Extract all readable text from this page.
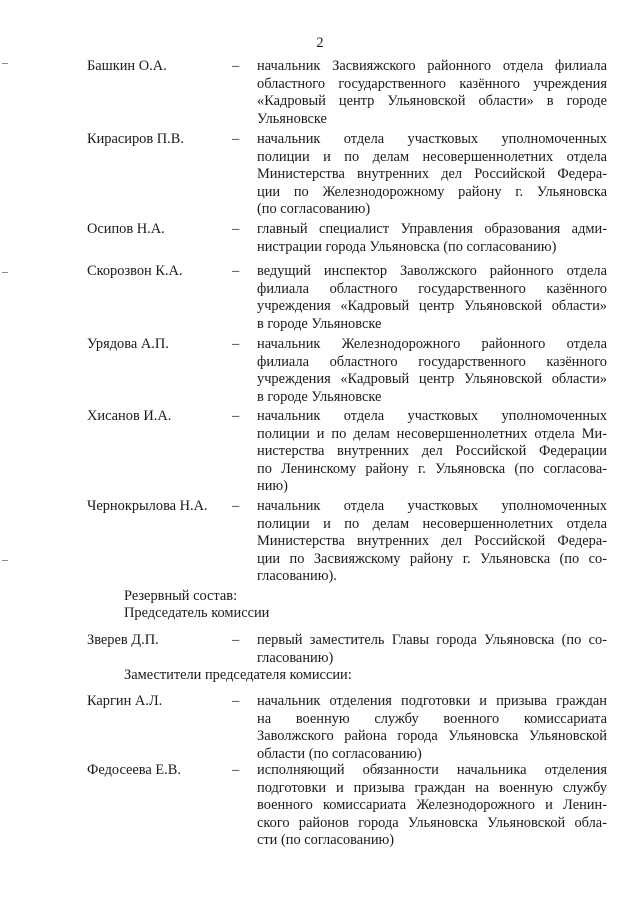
2
Башкин О.А.	– начальник Засвияжского районного отдела филиала
областного государственного казённого учреждения
«Кадровый центр Ульяновской области» в городе
Ульяновске
Кирасиров П.В.	– начальник отдела участковых уполномоченных
полиции и по делам несовершеннолетних отдела
Министерства внутренних дел Российской Федера-
ции по Железнодорожному району г. Ульяновска
(по согласованию)
Осипов Н.А.	– главный специалист Управления образования адми-
нистрации города Ульяновска (по согласованию)
Скорозвон К.А.	– ведущий инспектор Заволжского районного отдела
филиала областного государственного казённого
учреждения «Кадровый центр Ульяновской области»
в городе Ульяновске
Урядова А.П.	– начальник Железнодорожного районного отдела
филиала областного государственного казённого
учреждения «Кадровый центр Ульяновской области»
в городе Ульяновске
Хисанов И.А.	– начальник отдела участковых уполномоченных
полиции и по делам несовершеннолетних отдела Ми-
нистерства внутренних дел Российской Федерации
по Ленинскому району г. Ульяновска (по согласова-
нию)
Чернокрылова Н.А. – начальник отдела участковых уполномоченных
полиции и по делам несовершеннолетних отдела
Министерства внутренних дел Российской Федера-
ции по Засвияжскому району г. Ульяновска (по со-
гласованию).
Резервный состав:
Председатель комиссии
Зверев Д.П.	– первый заместитель Главы города Ульяновска (по со-
гласованию)
Заместители председателя комиссии:
Каргин А.Л.	– начальник отделения подготовки и призыва граждан
на военную службу военного комиссариата
Заволжского района города Ульяновска Ульяновской
области (по согласованию)
Федосеева Е.В.	– исполняющий обязанности начальника отделения
подготовки и призыва граждан на военную службу
военного комиссариата Железнодорожного и Ленин-
ского районов города Ульяновска Ульяновской обла-
сти (по согласованию)
